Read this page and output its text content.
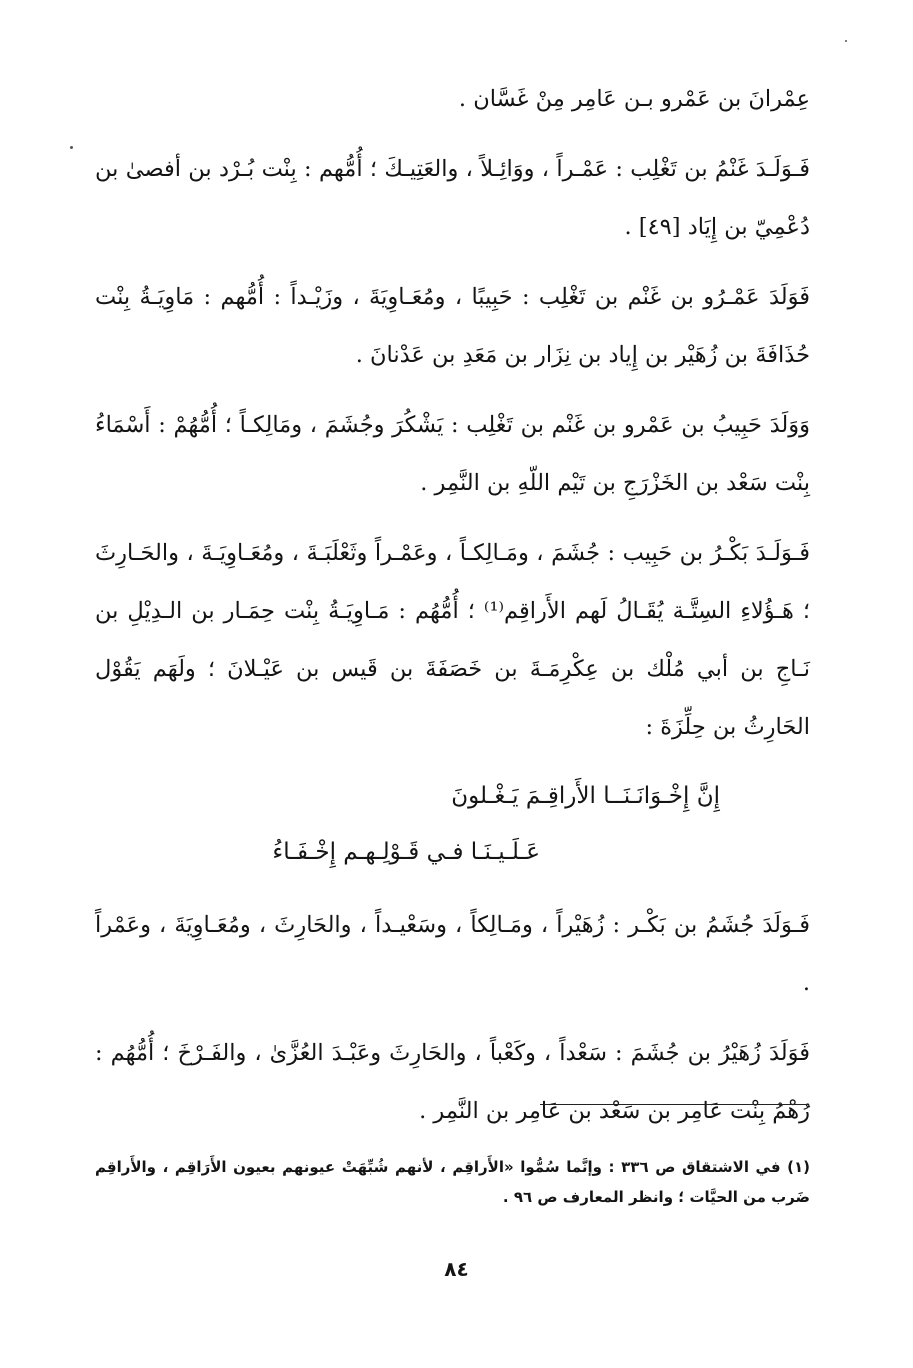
عِمْرانَ بن عَمْرو بـن عَامِر مِنْ غَسَّان .

فَـوَلَـدَ غَنْمُ بن تَغْلِب : عَمْـراً ، ووَائِـلاً ، والعَتِيـكَ ؛ أُمُّهم : بِنْت بُـرْد بن أفصىٰ بن دُعْمِيّ بن إِيَاد [٤٩] .

فَوَلَدَ عَمْـرُو بن غَنْم بن تَغْلِب : حَبِيبًا ، ومُعَـاوِيَةَ ، وزَيْـداً : أُمُّهم : مَاوِيَـةُ بِنْت حُذَافَةَ بن زُهَيْر بن إِياد بن نِزَار بن مَعَدِ بن عَدْنانَ .

وَوَلَدَ حَبِيبُ بن عَمْرو بن غَنْم بن تَغْلِب : يَشْكُرَ وجُشَمَ ، ومَالِكـاً ؛ أُمُّهُمْ : أَسْمَاءُ بِنْت سَعْد بن الخَزْرَجِ بن تَيْم اللّهِ بن النَّمِر .

فَـوَلَـدَ بَكْـرُ بن حَبِيب : جُشَمَ ، ومَـالِكـاً ، وعَمْـراً وثَعْلَبَـةَ ، ومُعَـاوِيَـةَ ، والحَـارِثَ ؛ هَـؤُلاءِ السِتَّـة يُقَـالُ لَهم الأَراقِم⁽¹⁾ ؛ أُمُّهُم : مَـاوِيَـةُ بِنْت حِمَـار بن الـدِيْلِ بن نَـاجِ بن أبي مُلْك بن عِكْرِمَـةَ بن خَصَفَةَ بن قَيس بن عَيْـلانَ ؛ ولَهَم يَقُوْل الحَارِثُ بن حِلِّزَةَ :

إِنَّ إِخْـوَانَـنَــا الأَراقِـمَ يَـغْـلونَ
عَـلَـيـنَـا فـي قَـوْلِـهـم إِخْـفَـاءُ

فَـوَلَدَ جُشَمُ بن بَكْـر : زُهَيْراً ، ومَـالِكاً ، وسَعْيـداً ، والحَارِثَ ، ومُعَـاوِيَةَ ، وعَمْراً .

فَوَلَدَ زُهَيْرُ بن جُشَمَ : سَعْداً ، وكَعْباً ، والحَارِثَ وعَبْـدَ العُزَّىٰ ، والفَـرْخَ ؛ أُمُّهُم : رُهْمُ بِنْت عَامِر بن سَعْد بن عَامِر بن النَّمِر .

(١) في الاشتقاق ص ٣٣٦ : وإنَّما سُمُّوا «الأَراقِم ، لأنهم شُبِّهَتْ عيونهم بعيون الأَرَاقِم ، والأَراقِم ضَرب من الحيَّات ؛ وانظر المعارف ص ٩٦ .
٨٤
